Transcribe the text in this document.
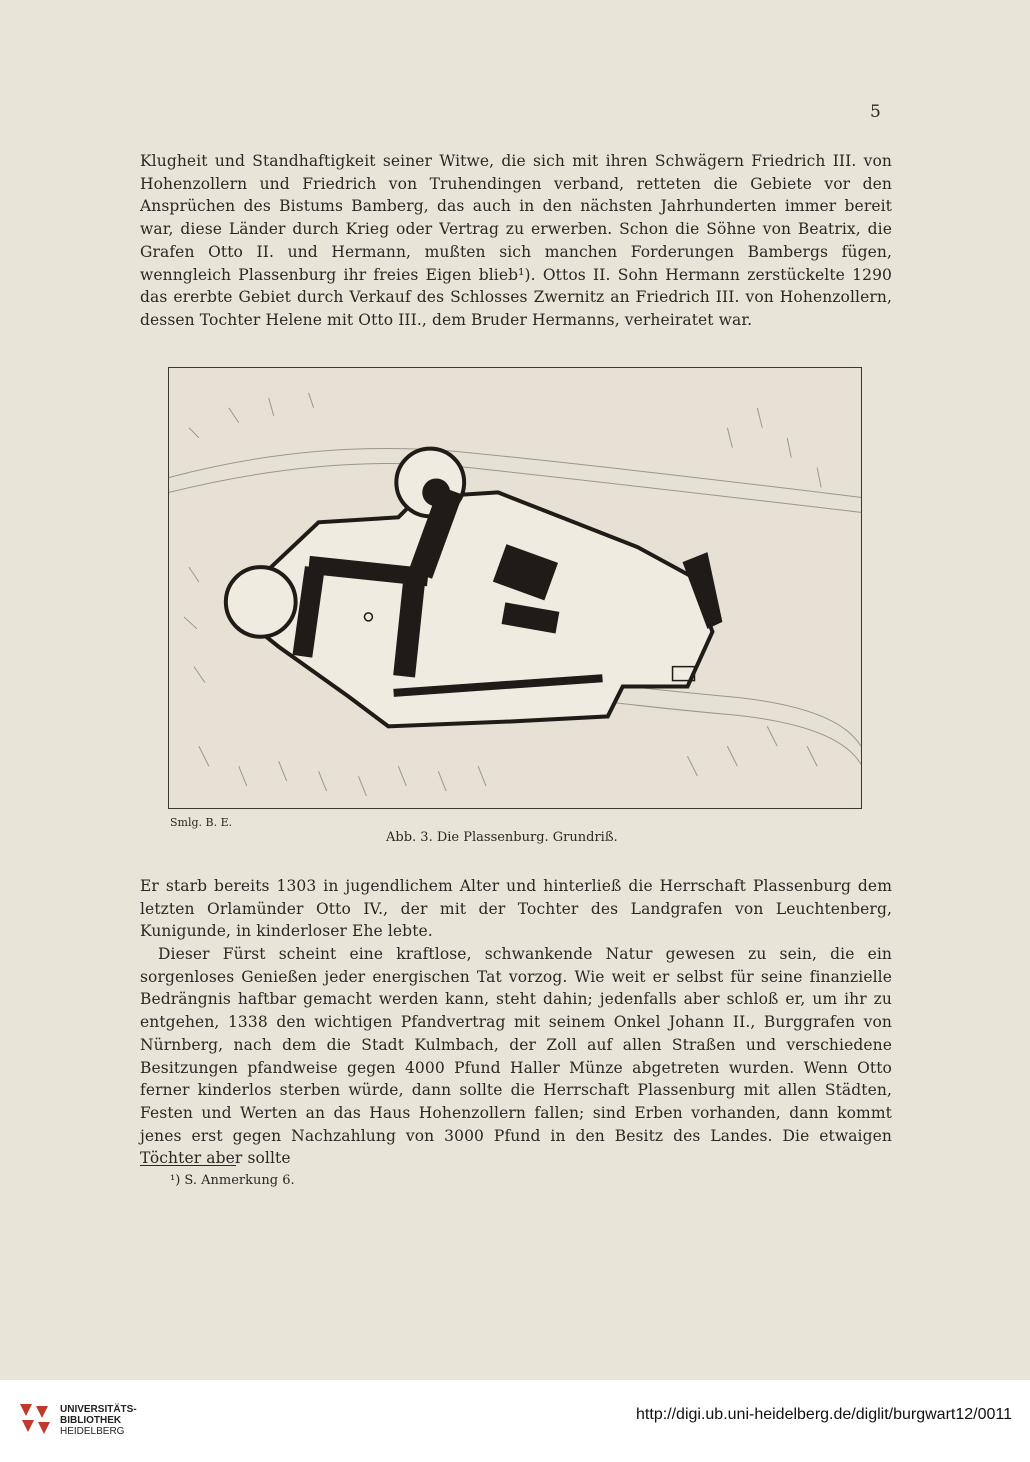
5

Klugheit und Standhaftigkeit seiner Witwe, die sich mit ihren Schwägern Friedrich III. von Hohenzollern und Friedrich von Truhendingen verband, retteten die Gebiete vor den Ansprüchen des Bistums Bamberg, das auch in den nächsten Jahrhunderten immer bereit war, diese Länder durch Krieg oder Vertrag zu erwerben. Schon die Söhne von Beatrix, die Grafen Otto II. und Hermann, mußten sich manchen Forderungen Bambergs fügen, wenngleich Plassenburg ihr freies Eigen blieb¹). Ottos II. Sohn Hermann zerstückelte 1290 das ererbte Gebiet durch Verkauf des Schlosses Zwernitz an Friedrich III. von Hohenzollern, dessen Tochter Helene mit Otto III., dem Bruder Hermanns, verheiratet war.

Smlg. B. E.
Abb. 3. Die Plassenburg. Grundriß.

Er starb bereits 1303 in jugendlichem Alter und hinterließ die Herrschaft Plassenburg dem letzten Orlamünder Otto IV., der mit der Tochter des Landgrafen von Leuchtenberg, Kunigunde, in kinderloser Ehe lebte.

Dieser Fürst scheint eine kraftlose, schwankende Natur gewesen zu sein, die ein sorgenloses Genießen jeder energischen Tat vorzog. Wie weit er selbst für seine finanzielle Bedrängnis haftbar gemacht werden kann, steht dahin; jedenfalls aber schloß er, um ihr zu entgehen, 1338 den wichtigen Pfandvertrag mit seinem Onkel Johann II., Burggrafen von Nürnberg, nach dem die Stadt Kulmbach, der Zoll auf allen Straßen und verschiedene Besitzungen pfandweise gegen 4000 Pfund Haller Münze abgetreten wurden. Wenn Otto ferner kinderlos sterben würde, dann sollte die Herrschaft Plassenburg mit allen Städten, Festen und Werten an das Haus Hohenzollern fallen; sind Erben vorhanden, dann kommt jenes erst gegen Nachzahlung von 3000 Pfund in den Besitz des Landes. Die etwaigen Töchter aber sollte

¹) S. Anmerkung 6.
UNIVERSITÄTS-
BIBLIOTHEK
HEIDELBERG
http://digi.ub.uni-heidelberg.de/diglit/burgwart12/0011
